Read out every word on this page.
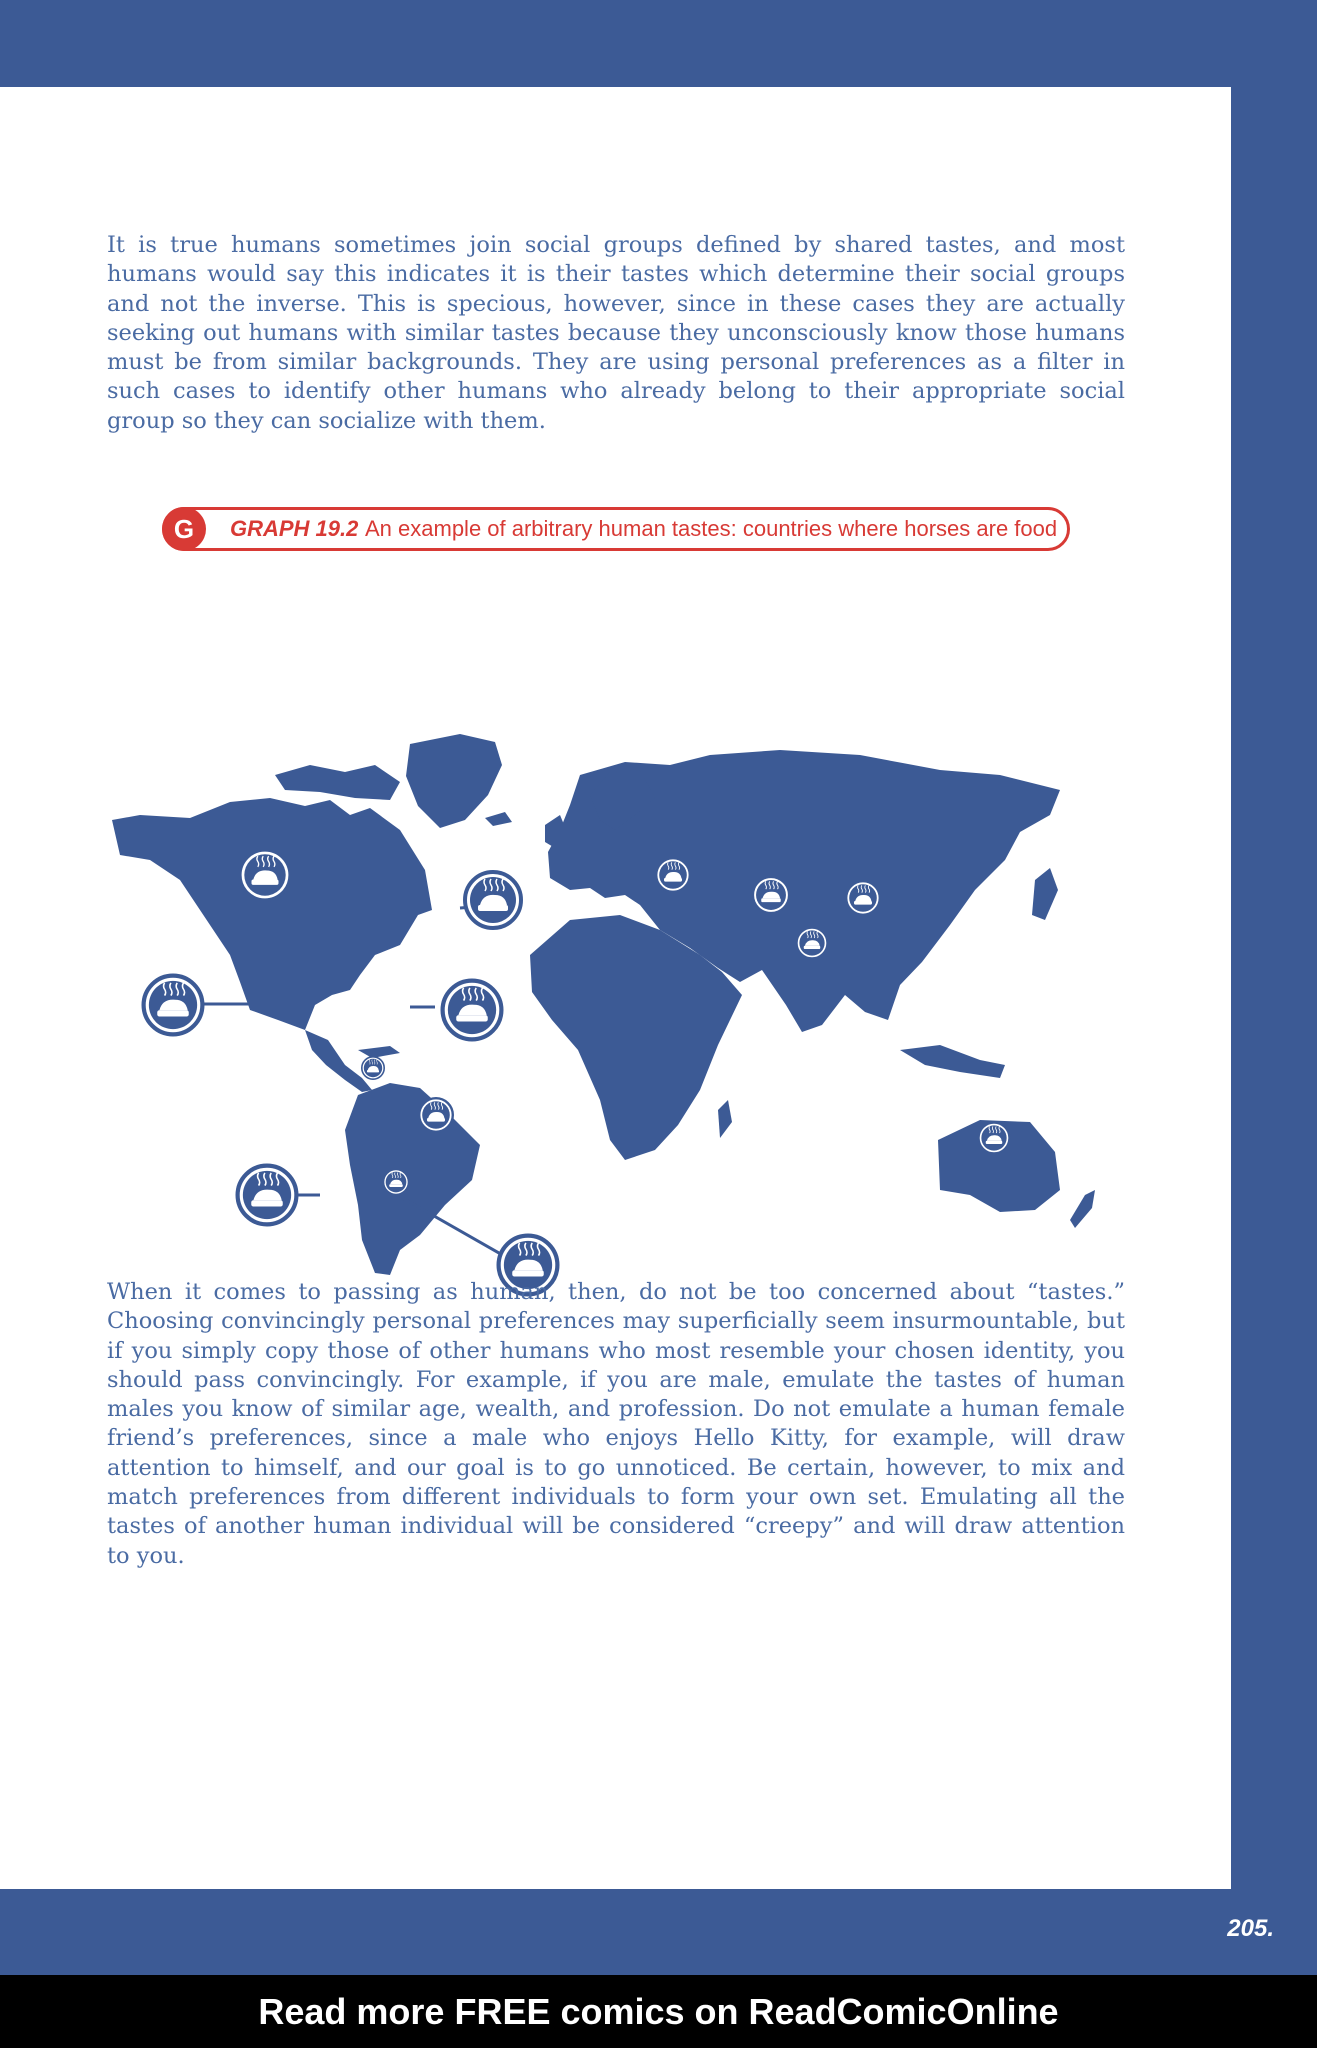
It is true humans sometimes join social groups defined by shared tastes, and most humans would say this indicates it is their tastes which determine their social groups and not the inverse. This is specious, however, since in these cases they are actually seeking out humans with similar tastes because they unconsciously know those humans must be from similar backgrounds. They are using personal preferences as a filter in such cases to identify other humans who already belong to their appropriate social group so they can socialize with them.

G	GRAPH 19.2 An example of arbitrary human tastes: countries where horses are food

When it comes to passing as human, then, do not be too concerned about “tastes.” Choosing convincingly personal preferences may superficially seem insurmountable, but if you simply copy those of other humans who most resemble your chosen identity, you should pass convincingly. For example, if you are male, emulate the tastes of human males you know of similar age, wealth, and profession. Do not emulate a human female friend’s preferences, since a male who enjoys Hello Kitty, for example, will draw attention to himself, and our goal is to go unnoticed. Be certain, however, to mix and match preferences from different individuals to form your own set. Emulating all the tastes of another human individual will be considered “creepy” and will draw attention to you.

205.
Read more FREE comics on ReadComicOnline
